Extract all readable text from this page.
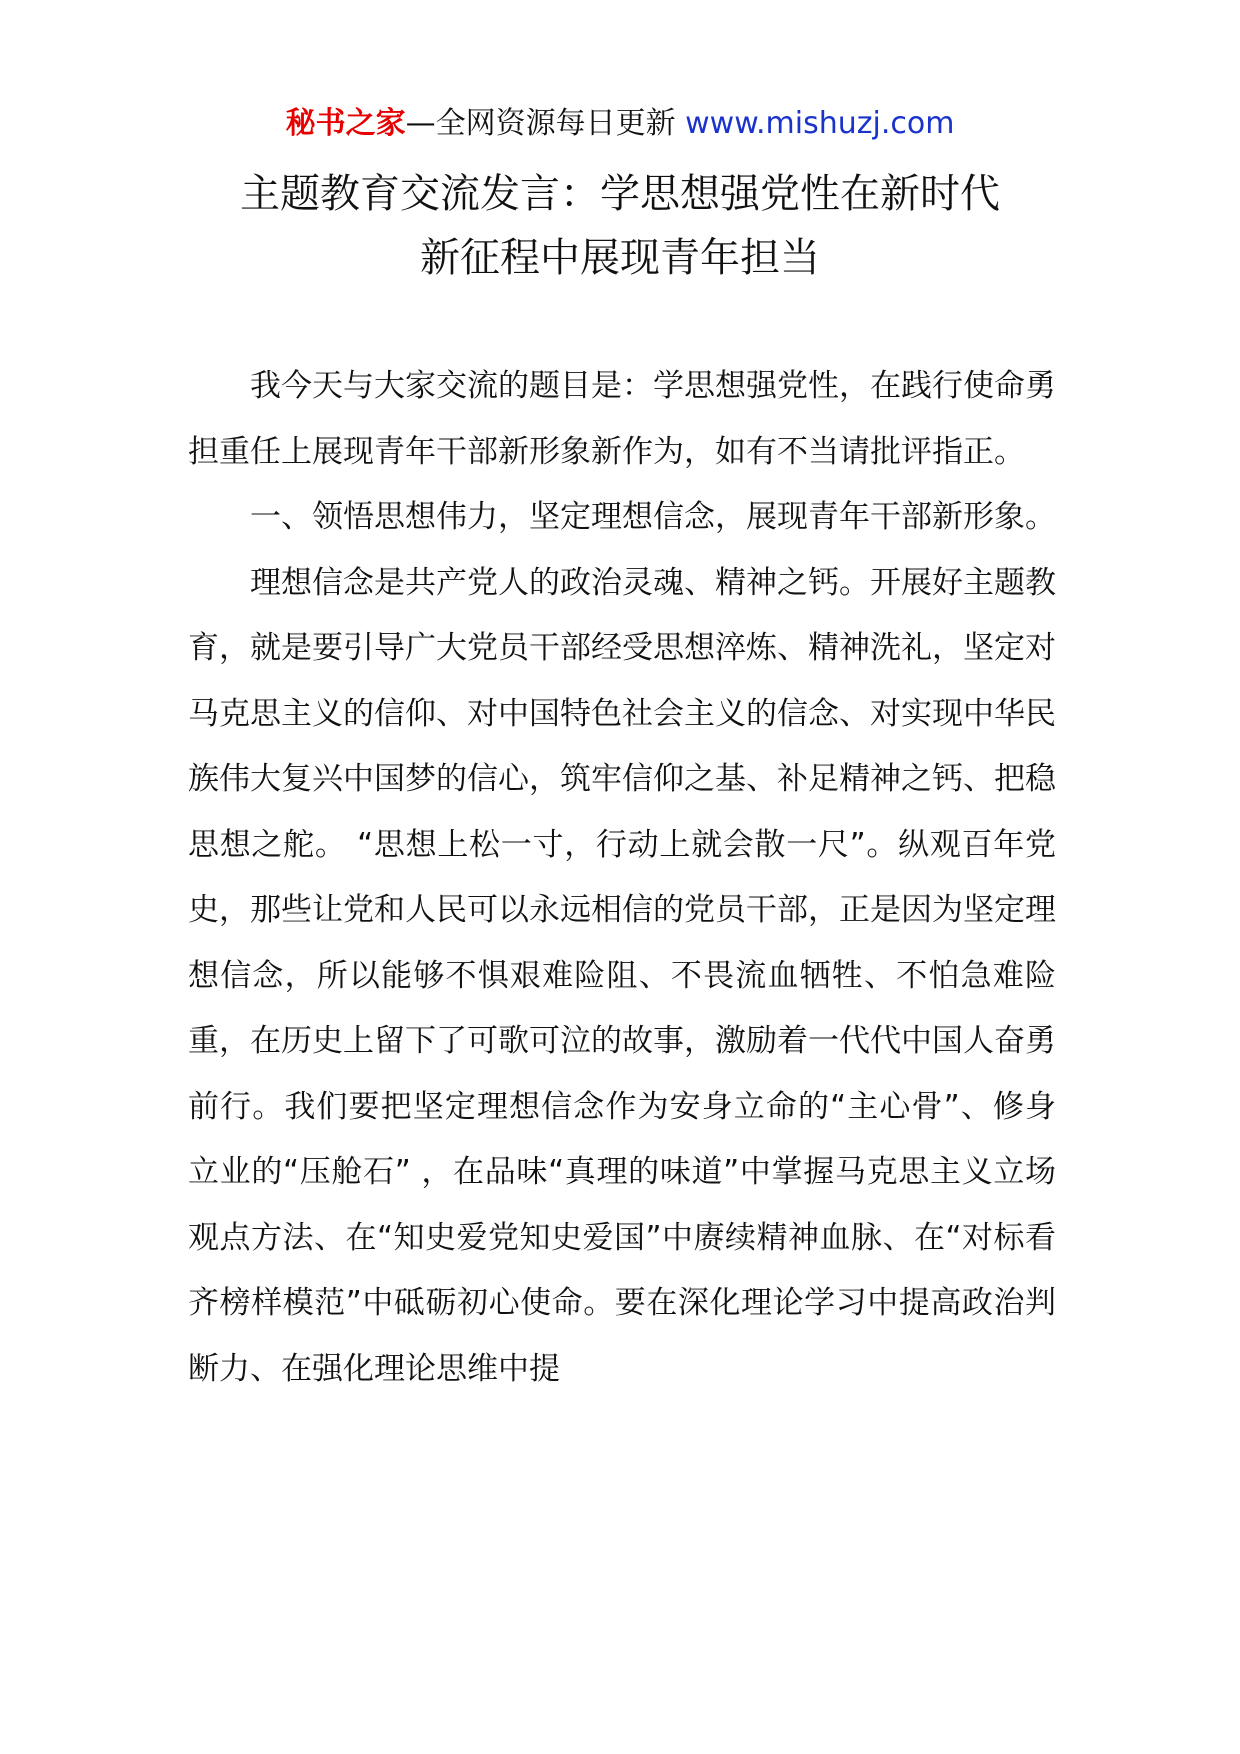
秘书之家—全网资源每日更新 www.mishuzj.com
主题教育交流发言：学思想强党性在新时代
新征程中展现青年担当

我今天与大家交流的题目是：学思想强党性，在践行使命勇担重任上展现青年干部新形象新作为，如有不当请批评指正。

一、领悟思想伟力，坚定理想信念，展现青年干部新形象。

理想信念是共产党人的政治灵魂、精神之钙。开展好主题教育，就是要引导广大党员干部经受思想淬炼、精神洗礼，坚定对马克思主义的信仰、对中国特色社会主义的信念、对实现中华民族伟大复兴中国梦的信心，筑牢信仰之基、补足精神之钙、把稳思想之舵。 “思想上松一寸，行动上就会散一尺”。纵观百年党史，那些让党和人民可以永远相信的党员干部，正是因为坚定理想信念，所以能够不惧艰难险阻、不畏流血牺牲、不怕急难险重，在历史上留下了可歌可泣的故事，激励着一代代中国人奋勇前行。我们要把坚定理想信念作为安身立命的“主心骨”、修身立业的“压舱石” ，在品味“真理的味道”中掌握马克思主义立场观点方法、在“知史爱党知史爱国”中赓续精神血脉、在“对标看齐榜样模范”中砥砺初心使命。要在深化理论学习中提高政治判断力、在强化理论思维中提
